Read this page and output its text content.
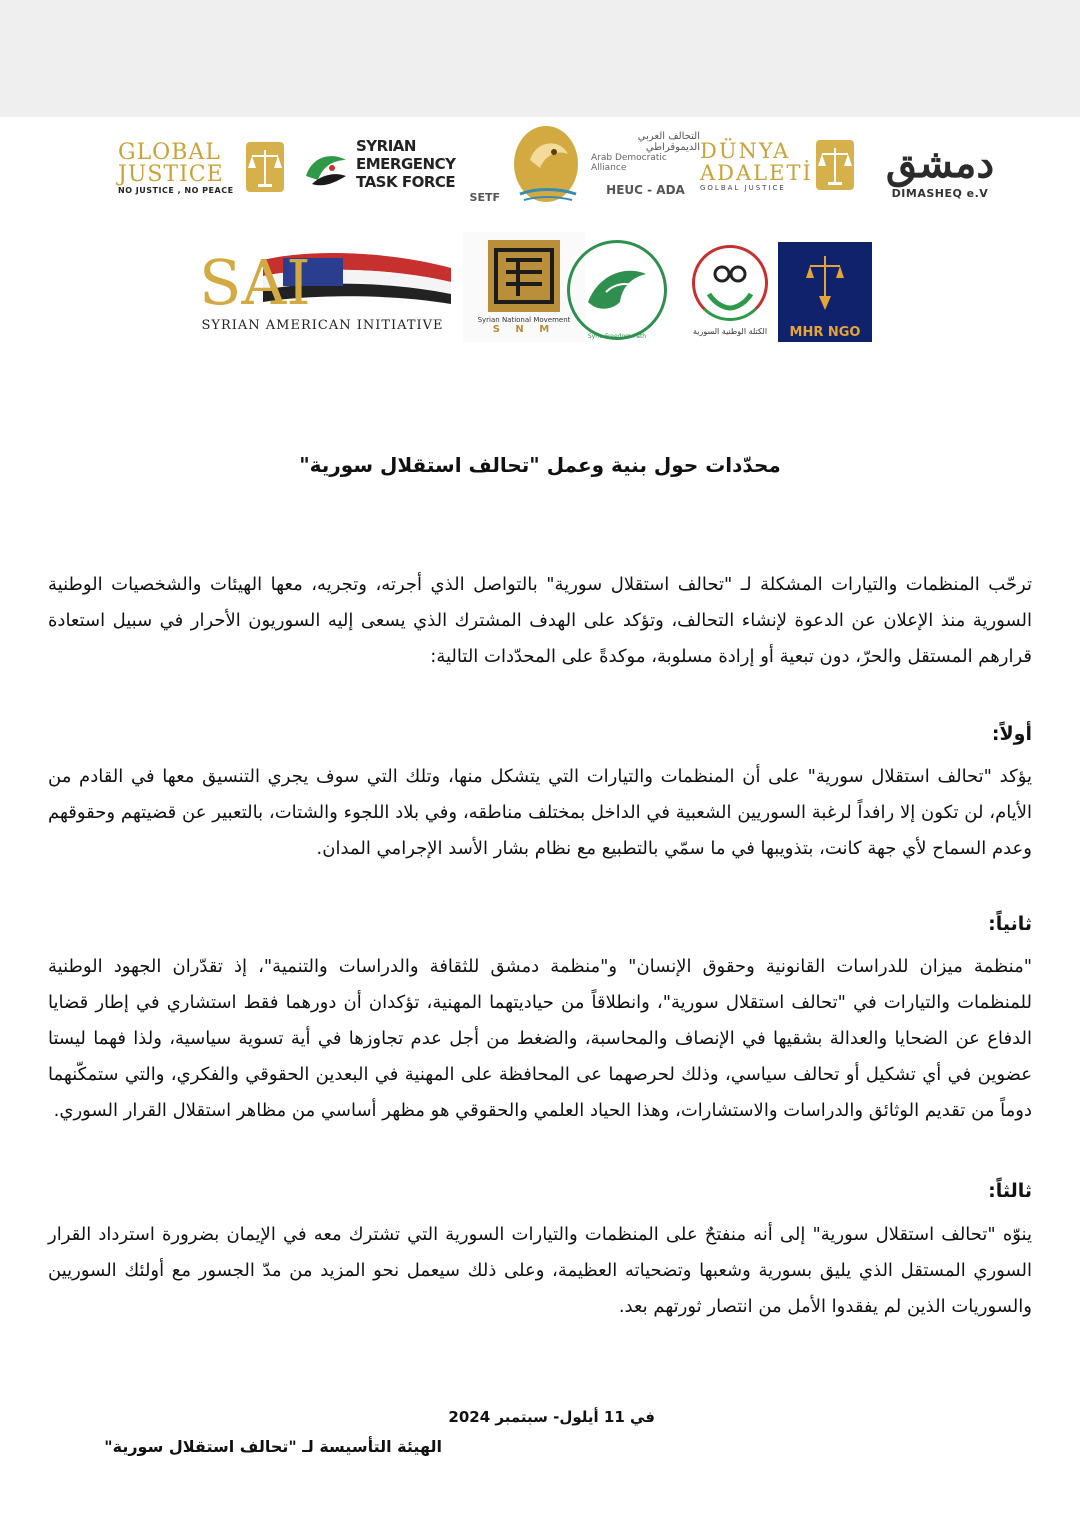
GLOBAL
JUSTICE
NO JUSTICE , NO PEACE
SYRIAN EMERGENCY
TASK FORCE
SETF
التحالف العربي الديموقراطي
Arab Democratic Alliance
HEUC - ADA
DÜNYA
ADALETİ
GOLBAL JUSTICE
دمشق
DIMASHEQ e.V
SAI
SYRIAN AMERICAN INITIATIVE	Syrian National Movement
S N M
Syria Freedom Path
الكتلة الوطنية السورية MHR NGO
محدّدات حول بنية وعمل "تحالف استقلال سورية"
ترحّب المنظمات والتيارات المشكلة لـ "تحالف استقلال سورية" بالتواصل الذي أجرته، وتجريه، معها الهيئات والشخصيات الوطنية السورية منذ الإعلان عن الدعوة لإنشاء التحالف، وتؤكد على الهدف المشترك الذي يسعى إليه السوريون الأحرار في سبيل استعادة قرارهم المستقل والحرّ، دون تبعية أو إرادة مسلوبة، موكدةً على المحدّدات التالية:
أولاً:
يؤكد "تحالف استقلال سورية" على أن المنظمات والتيارات التي يتشكل منها، وتلك التي سوف يجري التنسيق معها في القادم من الأيام، لن تكون إلا رافداً لرغبة السوريين الشعبية في الداخل بمختلف مناطقه، وفي بلاد اللجوء والشتات، بالتعبير عن قضيتهم وحقوقهم وعدم السماح لأي جهة كانت، بتذويبها في ما سمّي بالتطبيع مع نظام بشار الأسد الإجرامي المدان.
ثانياً:
"منظمة ميزان للدراسات القانونية وحقوق الإنسان" و"منظمة دمشق للثقافة والدراسات والتنمية"، إذ تقدّران الجهود الوطنية للمنظمات والتيارات في "تحالف استقلال سورية"، وانطلاقاً من حياديتهما المهنية، تؤكدان أن دورهما فقط استشاري في إطار قضايا الدفاع عن الضحايا والعدالة بشقيها في الإنصاف والمحاسبة، والضغط من أجل عدم تجاوزها في أية تسوية سياسية، ولذا فهما ليستا عضوين في أي تشكيل أو تحالف سياسي، وذلك لحرصهما عى المحافظة على المهنية في البعدين الحقوقي والفكري، والتي ستمكّنهما دوماً من تقديم الوثائق والدراسات والاستشارات، وهذا الحياد العلمي والحقوقي هو مظهر أساسي من مظاهر استقلال القرار السوري.
ثالثاً:
ينوّه "تحالف استقلال سورية" إلى أنه منفتحٌ على المنظمات والتيارات السورية التي تشترك معه في الإيمان بضرورة استرداد القرار السوري المستقل الذي يليق بسورية وشعبها وتضحياته العظيمة، وعلى ذلك سيعمل نحو المزيد من مدّ الجسور مع أولئك السوريين والسوريات الذين لم يفقدوا الأمل من انتصار ثورتهم بعد.
في 11 أيلول- سبتمبر 2024
الهيئة التأسيسة لـ "تحالف استقلال سورية"
